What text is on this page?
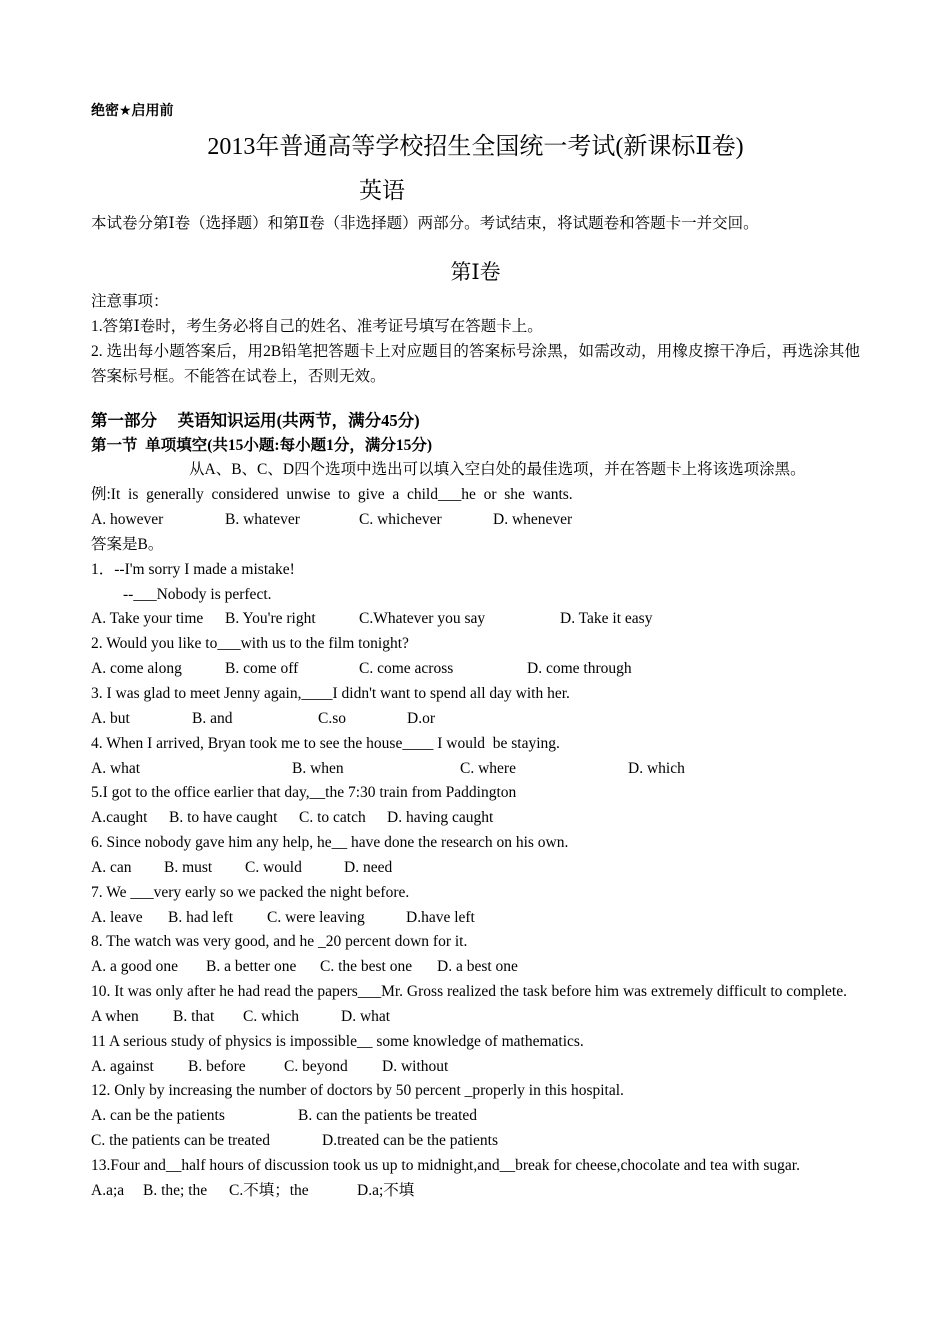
绝密★启用前
2013年普通高等学校招生全国统一考试(新课标Ⅱ卷)
英语
本试卷分第Ⅰ卷（选择题）和第Ⅱ卷（非选择题）两部分。考试结束，将试题卷和答题卡一并交回。
第Ⅰ卷
注意事项：
1.答第Ⅰ卷时，考生务必将自己的姓名、准考证号填写在答题卡上。
2. 选出每小题答案后，用2B铅笔把答题卡上对应题目的答案标号涂黑，如需改动，用橡皮擦干净后，再选涂其他答案标号框。不能答在试卷上，否则无效。
第一部分     英语知识运用(共两节，满分45分)
第一节  单项填空(共15小题:每小题1分，满分15分)
从A、B、C、D四个选项中选出可以填入空白处的最佳选项，并在答题卡上将该选项涂黑。
例:It  is  generally  considered  unwise  to  give  a  child___he  or  she  wants.
A. however	B. whatever	C. whichever	D. whenever
答案是B。
1．--I'm sorry I made a mistake!
--___Nobody is perfect.
A. Take your time	B. You're right	C.Whatever you say	D. Take it easy
2. Would you like to___with us to the film tonight?
A. come along	B. come off	C. come across	D. come through
3. I was glad to meet Jenny again,____I didn't want to spend all day with her.
A. but	B. and	C.so	D.or
4. When I arrived, Bryan took me to see the house____ I would  be staying.
A. what	B. when	C. where	D. which
5.I got to the office earlier that day,__the 7:30 train from Paddington
A.caught	B. to have caught	C. to catch	D. having caught
6. Since nobody gave him any help, he__ have done the research on his own.
A. can	B. must	C. would	D. need
7. We ___very early so we packed the night before.
A. leave	B. had left	C. were leaving	D.have left
8. The watch was very good, and he _20 percent down for it.
A. a good one	B. a better one	C. the best one	D. a best one
10. It was only after he had read the papers___Mr. Gross realized the task before him was extremely difficult to complete.
A when	B. that	C. which	D. what
11 A serious study of physics is impossible__ some knowledge of mathematics.
A. against	B. before	C. beyond	D. without
12. Only by increasing the number of doctors by 50 percent _properly in this hospital.
A. can be the patients	B. can the patients be treated
C. the patients can be treated	D.treated can be the patients
13.Four and__half hours of discussion took us up to midnight,and__break for cheese,chocolate and tea with sugar.
A.a;a	B. the; the	C.不填；the	D.a;不填
